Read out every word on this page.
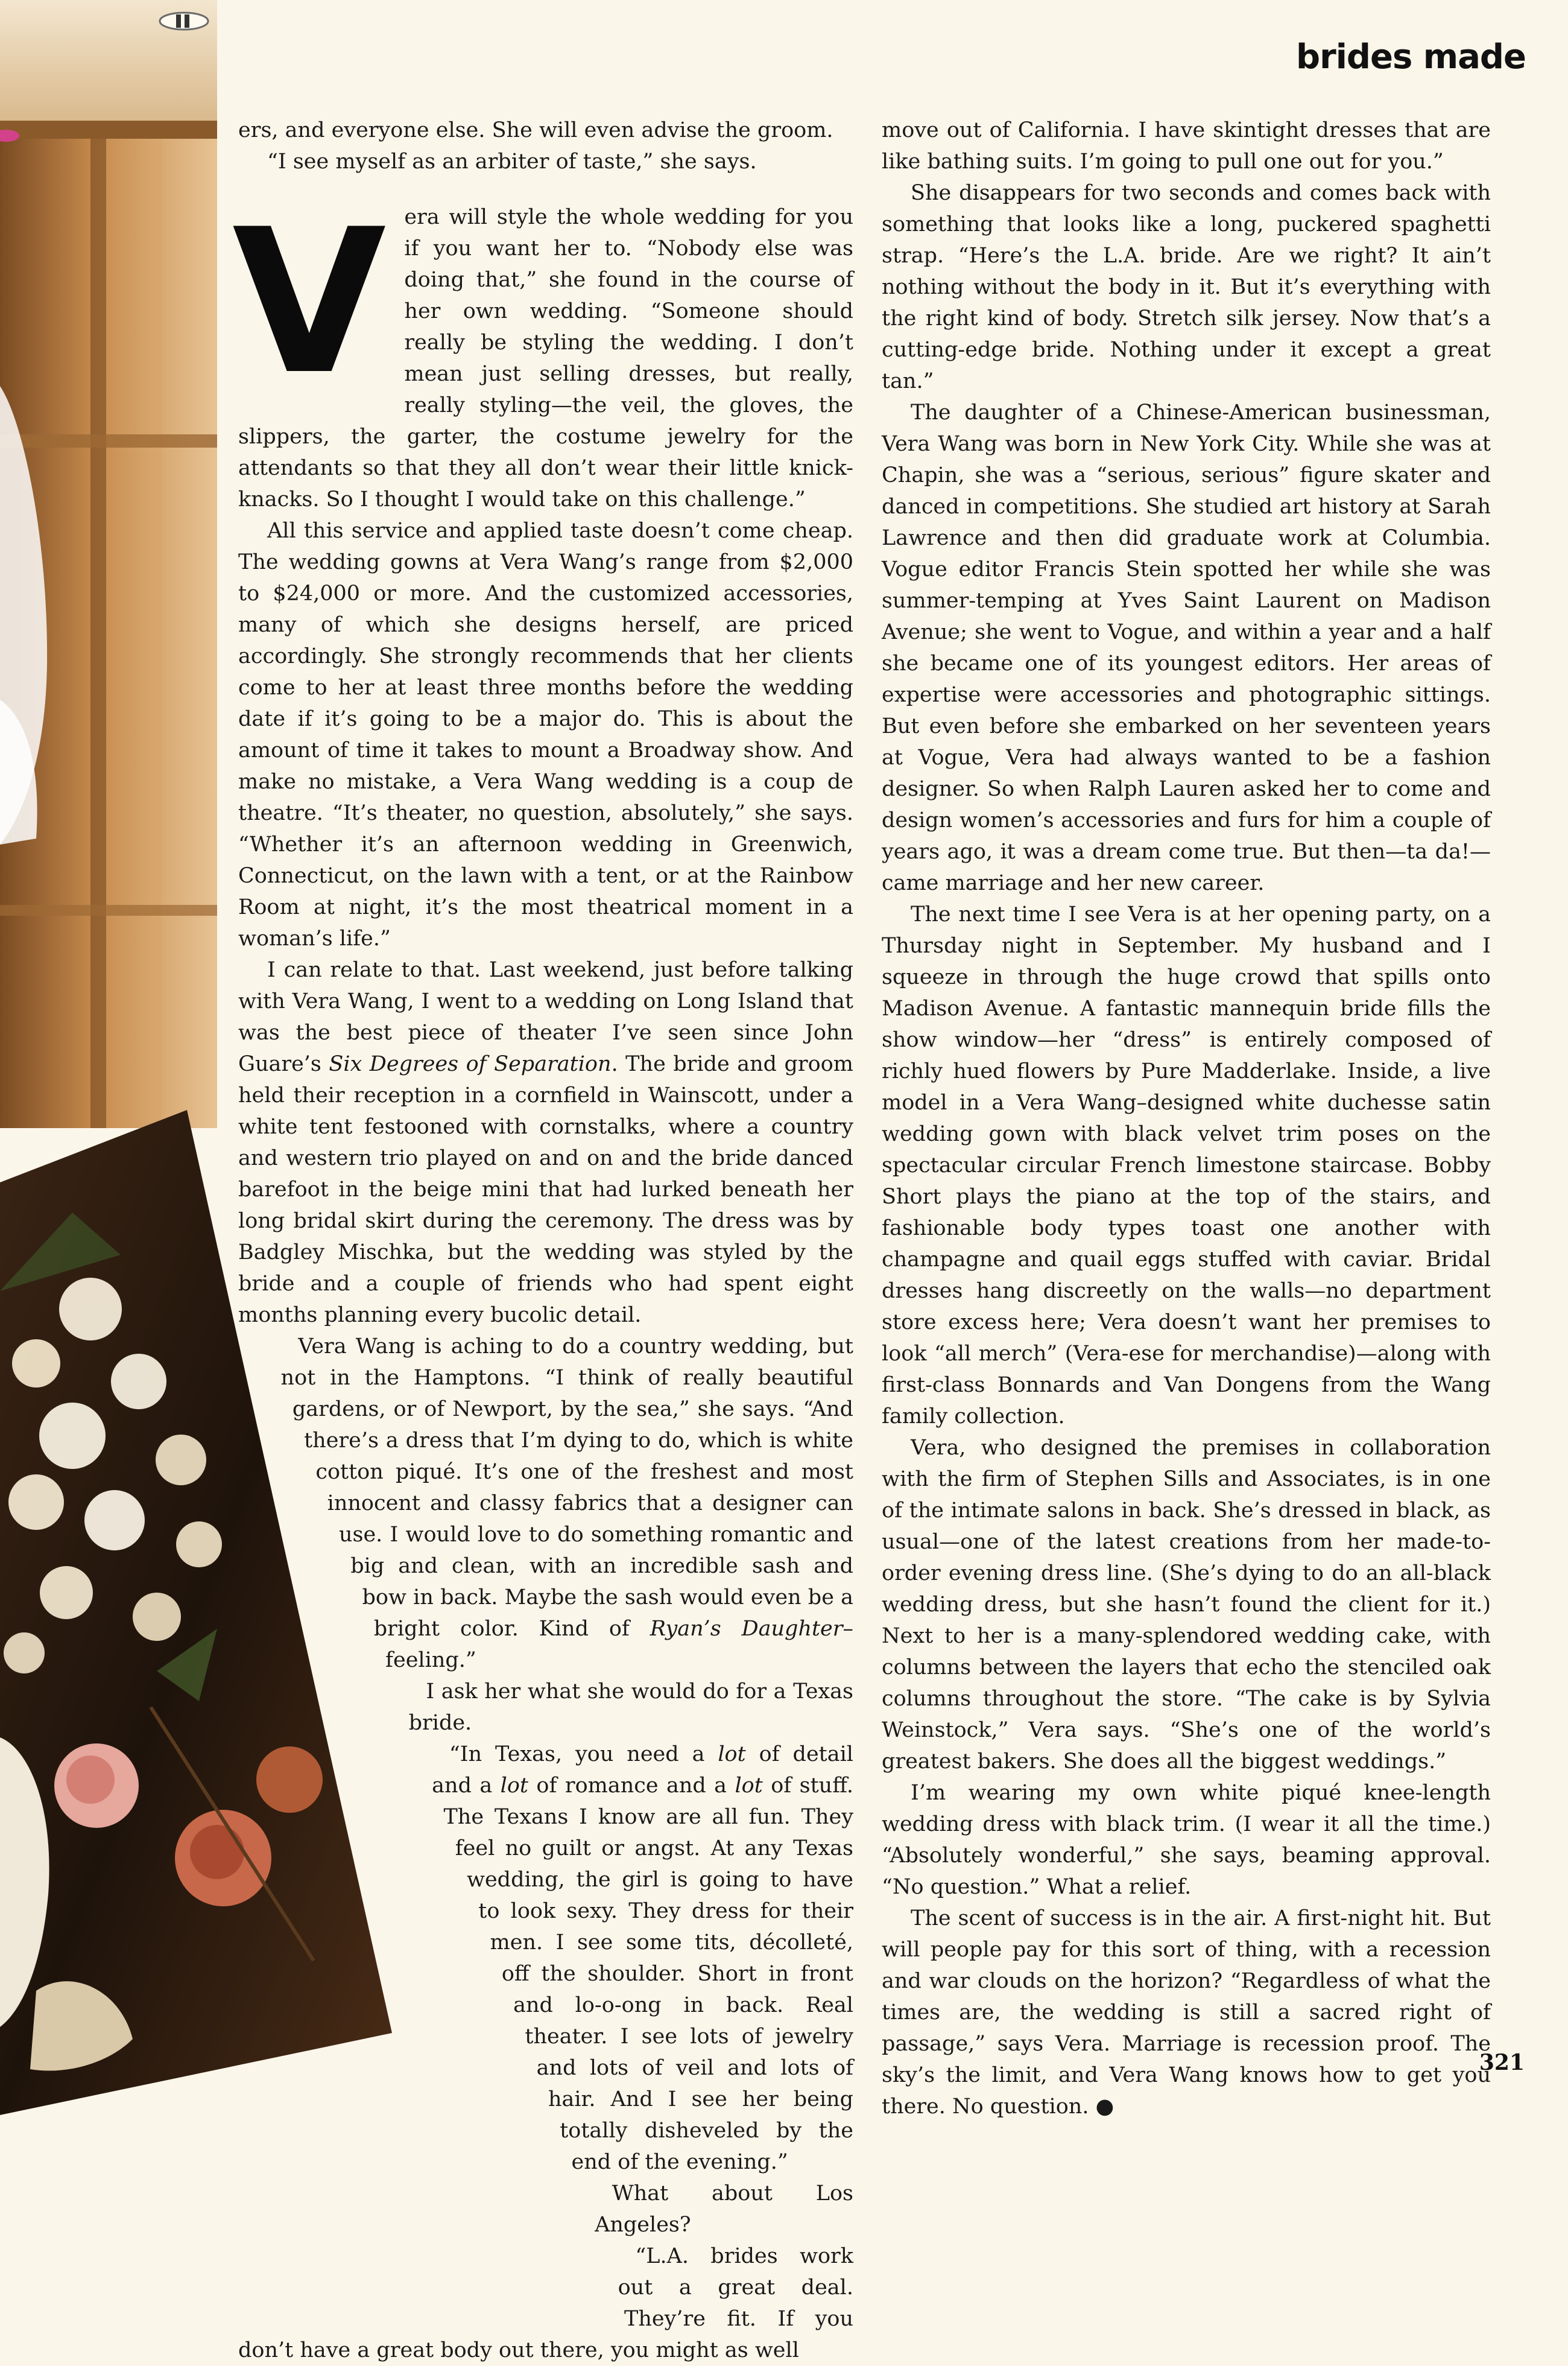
brides made

ers, and everyone else. She will even advise the groom.

“I see myself as an arbiter of taste,” she says.

Vera will style the whole wedding for you if you want her to. “Nobody else was doing that,” she found in the course of her own wedding. “Someone should really be styling the wedding. I don’t mean just selling dresses, but really, really styling—the veil, the gloves, the slippers, the garter, the costume jewelry for the attendants so that they all don’t wear their little knick-knacks. So I thought I would take on this challenge.”

All this service and applied taste doesn’t come cheap. The wedding gowns at Vera Wang’s range from $2,000 to $24,000 or more. And the customized accessories, many of which she designs herself, are priced accordingly. She strongly recommends that her clients come to her at least three months before the wedding date if it’s going to be a major do. This is about the amount of time it takes to mount a Broadway show. And make no mistake, a Vera Wang wedding is a coup de theatre. “It’s theater, no question, absolutely,” she says. “Whether it’s an afternoon wedding in Greenwich, Connecticut, on the lawn with a tent, or at the Rainbow Room at night, it’s the most theatrical moment in a woman’s life.”

I can relate to that. Last weekend, just before talking with Vera Wang, I went to a wedding on Long Island that was the best piece of theater I’ve seen since John Guare’s Six Degrees of Separation. The bride and groom held their reception in a cornfield in Wainscott, under a white tent festooned with cornstalks, where a country and western trio played on and on and the bride danced barefoot in the beige mini that had lurked beneath her long bridal skirt during the ceremony. The dress was by Badgley Mischka, but the wedding was styled by the bride and a couple of friends who had spent eight months planning every bucolic detail.

Vera Wang is aching to do a country wedding, but not in the Hamptons. “I think of really beautiful gardens, or of Newport, by the sea,” she says. “And there’s a dress that I’m dying to do, which is white cotton piqué. It’s one of the freshest and most innocent and classy fabrics that a designer can use. I would love to do something romantic and big and clean, with an incredible sash and bow in back. Maybe the sash would even be a bright color. Kind of Ryan’s Daughter–feeling.”

I ask her what she would do for a Texas bride.

“In Texas, you need a lot of detail and a lot of romance and a lot of stuff. The Texans I know are all fun. They feel no guilt or angst. At any Texas wedding, the girl is going to have to look sexy. They dress for their men. I see some tits, décolleté, off the shoulder. Short in front and lo-o-ong in back. Real theater. I see lots of jewelry and lots of veil and lots of hair. And I see her being totally disheveled by the end of the evening.”

What about Los Angeles?

“L.A. brides work out a great deal. They’re fit. If you don’t have a great body out there, you might as well

move out of California. I have skintight dresses that are like bathing suits. I’m going to pull one out for you.”

She disappears for two seconds and comes back with something that looks like a long, puckered spaghetti strap. “Here’s the L.A. bride. Are we right? It ain’t nothing without the body in it. But it’s everything with the right kind of body. Stretch silk jersey. Now that’s a cutting-edge bride. Nothing under it except a great tan.”

The daughter of a Chinese-American businessman, Vera Wang was born in New York City. While she was at Chapin, she was a “serious, serious” figure skater and danced in competitions. She studied art history at Sarah Lawrence and then did graduate work at Columbia. Vogue editor Francis Stein spotted her while she was summer-temping at Yves Saint Laurent on Madison Avenue; she went to Vogue, and within a year and a half she became one of its youngest editors. Her areas of expertise were accessories and photographic sittings. But even before she embarked on her seventeen years at Vogue, Vera had always wanted to be a fashion designer. So when Ralph Lauren asked her to come and design women’s accessories and furs for him a couple of years ago, it was a dream come true. But then—ta da!—came marriage and her new career.

The next time I see Vera is at her opening party, on a Thursday night in September. My husband and I squeeze in through the huge crowd that spills onto Madison Avenue. A fantastic mannequin bride fills the show window—her “dress” is entirely composed of richly hued flowers by Pure Madderlake. Inside, a live model in a Vera Wang–designed white duchesse satin wedding gown with black velvet trim poses on the spectacular circular French limestone staircase. Bobby Short plays the piano at the top of the stairs, and fashionable body types toast one another with champagne and quail eggs stuffed with caviar. Bridal dresses hang discreetly on the walls—no department store excess here; Vera doesn’t want her premises to look “all merch” (Vera-ese for merchandise)—along with first-class Bonnards and Van Dongens from the Wang family collection.

Vera, who designed the premises in collaboration with the firm of Stephen Sills and Associates, is in one of the intimate salons in back. She’s dressed in black, as usual—one of the latest creations from her made-to-order evening dress line. (She’s dying to do an all-black wedding dress, but she hasn’t found the client for it.) Next to her is a many-splendored wedding cake, with columns between the layers that echo the stenciled oak columns throughout the store. “The cake is by Sylvia Weinstock,” Vera says. “She’s one of the world’s greatest bakers. She does all the biggest weddings.”

I’m wearing my own white piqué knee-length wedding dress with black trim. (I wear it all the time.) “Absolutely wonderful,” she says, beaming approval. “No question.” What a relief.

The scent of success is in the air. A first-night hit. But will people pay for this sort of thing, with a recession and war clouds on the horizon? “Regardless of what the times are, the wedding is still a sacred right of passage,” says Vera. Marriage is recession proof. The sky’s the limit, and Vera Wang knows how to get you there. No question. ●

321
